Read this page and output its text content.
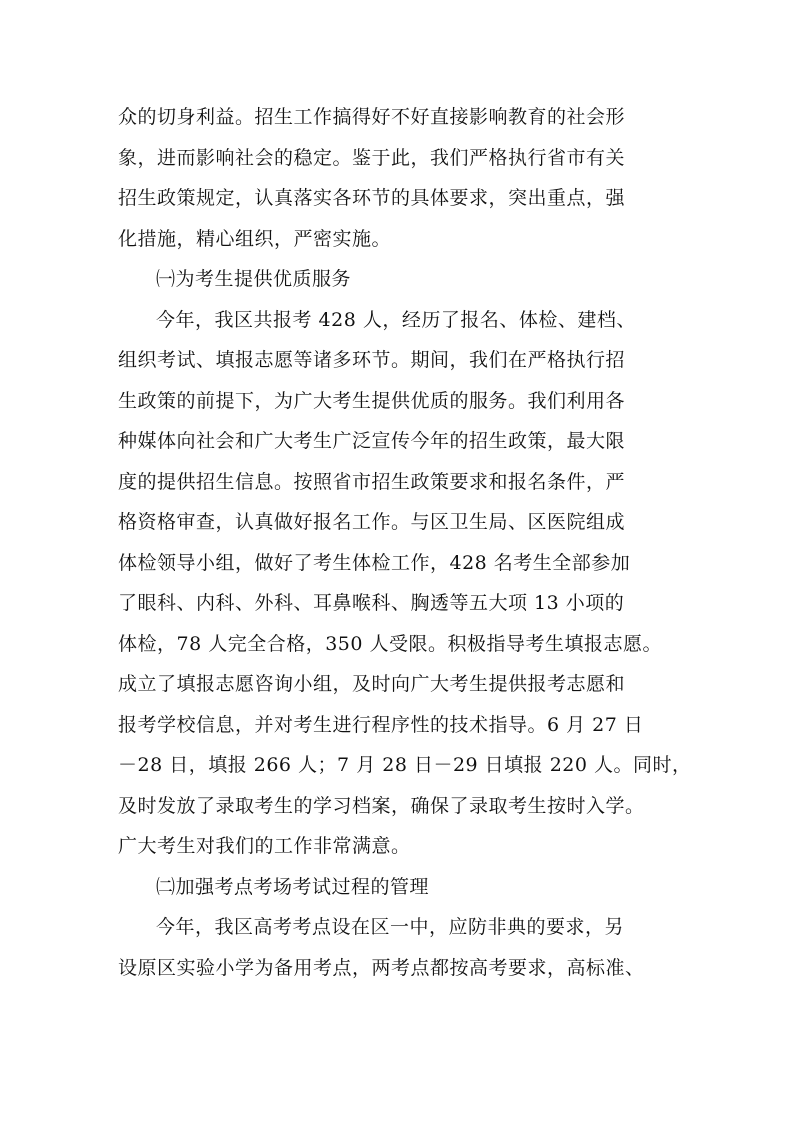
众的切身利益。招生工作搞得好不好直接影响教育的社会形
象，进而影响社会的稳定。鉴于此，我们严格执行省市有关
招生政策规定，认真落实各环节的具体要求，突出重点，强
化措施，精心组织，严密实施。
㈠为考生提供优质服务
今年，我区共报考 428 人，经历了报名、体检、建档、
组织考试、填报志愿等诸多环节。期间，我们在严格执行招
生政策的前提下，为广大考生提供优质的服务。我们利用各
种媒体向社会和广大考生广泛宣传今年的招生政策，最大限
度的提供招生信息。按照省市招生政策要求和报名条件，严
格资格审查，认真做好报名工作。与区卫生局、区医院组成
体检领导小组，做好了考生体检工作，428 名考生全部参加
了眼科、内科、外科、耳鼻喉科、胸透等五大项 13 小项的
体检，78 人完全合格，350 人受限。积极指导考生填报志愿。
成立了填报志愿咨询小组，及时向广大考生提供报考志愿和
报考学校信息，并对考生进行程序性的技术指导。6 月 27 日
－28 日，填报 266 人；7 月 28 日－29 日填报 220 人。同时，
及时发放了录取考生的学习档案，确保了录取考生按时入学。
广大考生对我们的工作非常满意。
㈡加强考点考场考试过程的管理
今年，我区高考考点设在区一中，应防非典的要求，另
设原区实验小学为备用考点，两考点都按高考要求，高标准、
